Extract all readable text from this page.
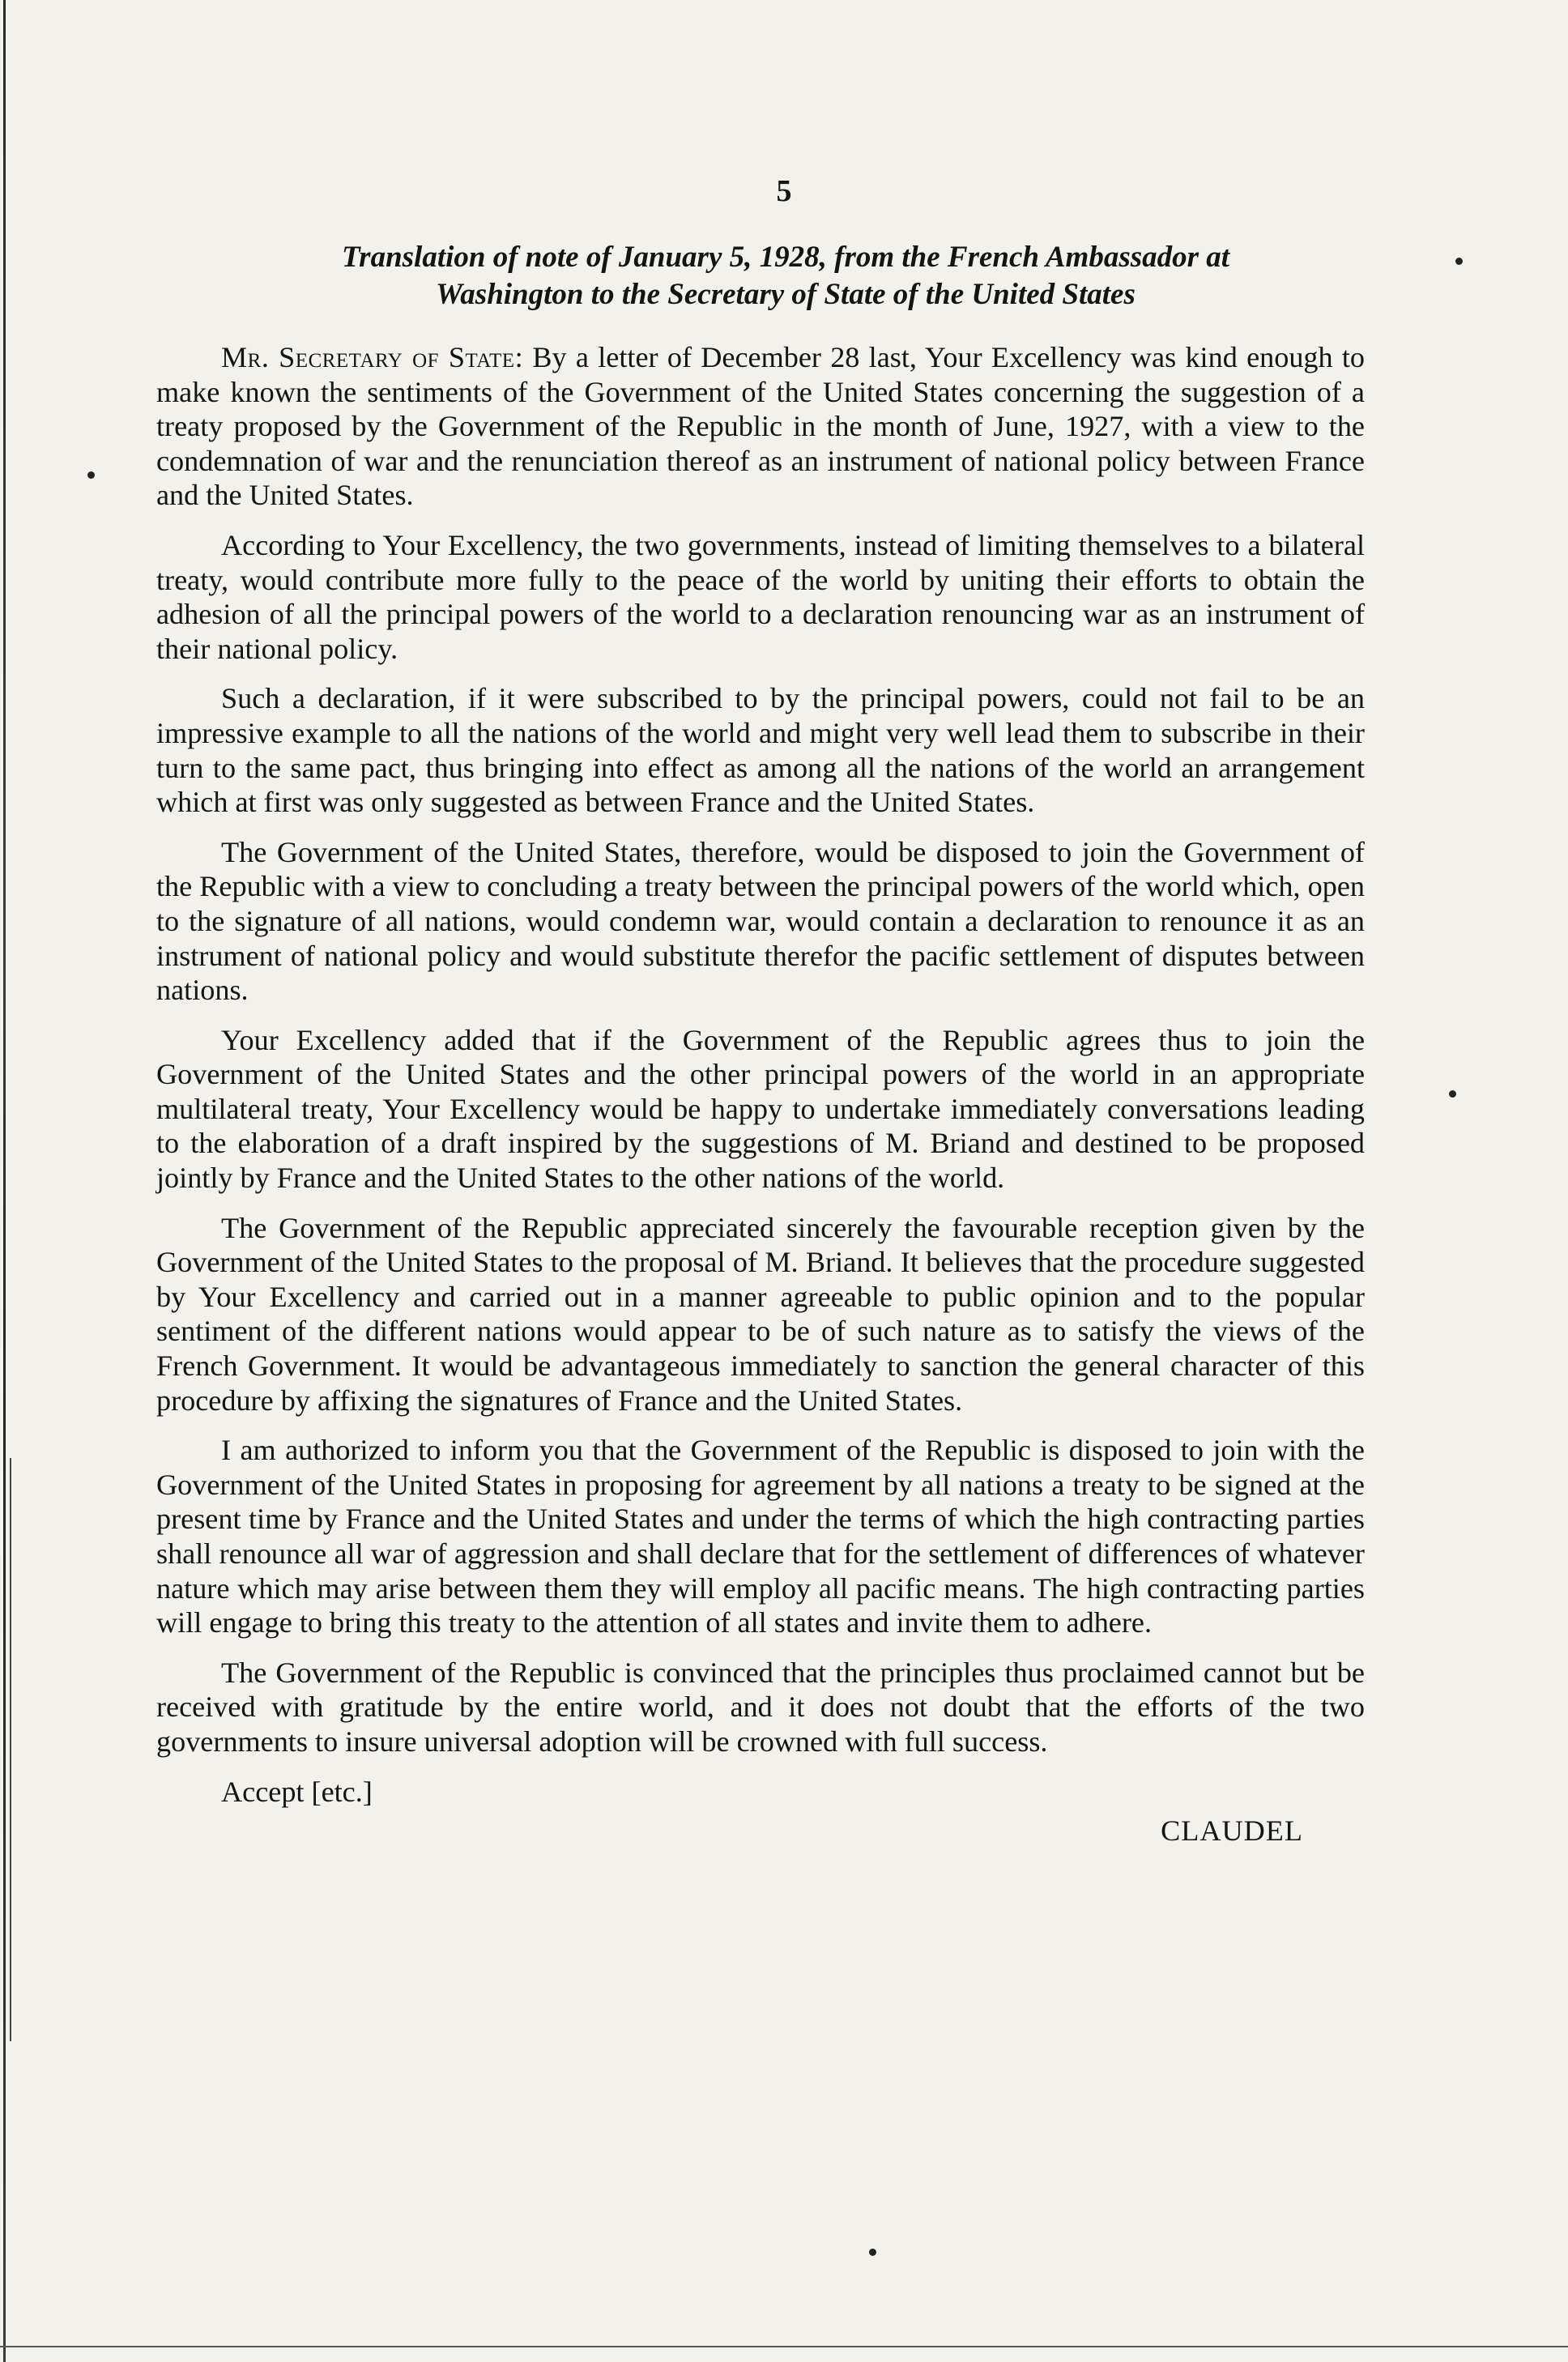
5
Translation of note of January 5, 1928, from the French Ambassador at
Washington to the Secretary of State of the United States

Mr. Secretary of State: By a letter of December 28 last, Your Excellency was kind enough to make known the sentiments of the Government of the United States concerning the suggestion of a treaty proposed by the Government of the Republic in the month of June, 1927, with a view to the condemnation of war and the renunciation thereof as an instrument of national policy between France and the United States.

According to Your Excellency, the two governments, instead of limiting themselves to a bilateral treaty, would contribute more fully to the peace of the world by uniting their efforts to obtain the adhesion of all the principal powers of the world to a declaration renouncing war as an instrument of their national policy.

Such a declaration, if it were subscribed to by the principal powers, could not fail to be an impressive example to all the nations of the world and might very well lead them to subscribe in their turn to the same pact, thus bringing into effect as among all the nations of the world an arrangement which at first was only suggested as between France and the United States.

The Government of the United States, therefore, would be disposed to join the Government of the Republic with a view to concluding a treaty between the principal powers of the world which, open to the signature of all nations, would condemn war, would contain a declaration to renounce it as an instrument of national policy and would substitute therefor the pacific settlement of disputes between nations.

Your Excellency added that if the Government of the Republic agrees thus to join the Government of the United States and the other principal powers of the world in an appropriate multilateral treaty, Your Excellency would be happy to undertake immediately conversations leading to the elaboration of a draft inspired by the suggestions of M. Briand and destined to be proposed jointly by France and the United States to the other nations of the world.

The Government of the Republic appreciated sincerely the favourable reception given by the Government of the United States to the proposal of M. Briand. It believes that the procedure suggested by Your Excellency and carried out in a manner agreeable to public opinion and to the popular sentiment of the different nations would appear to be of such nature as to satisfy the views of the French Government. It would be advantageous immediately to sanction the general character of this procedure by affixing the signatures of France and the United States.

I am authorized to inform you that the Government of the Republic is disposed to join with the Government of the United States in proposing for agreement by all nations a treaty to be signed at the present time by France and the United States and under the terms of which the high contracting parties shall renounce all war of aggression and shall declare that for the settlement of differences of whatever nature which may arise between them they will employ all pacific means. The high contracting parties will engage to bring this treaty to the attention of all states and invite them to adhere.

The Government of the Republic is convinced that the principles thus proclaimed cannot but be received with gratitude by the entire world, and it does not doubt that the efforts of the two governments to insure universal adoption will be crowned with full success.

Accept [etc.]
CLAUDEL
